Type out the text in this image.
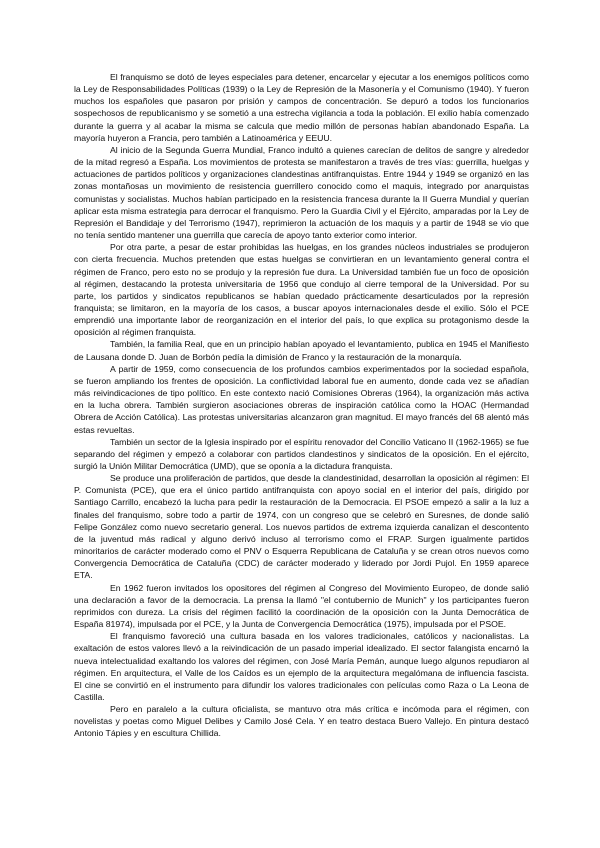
El franquismo se dotó de leyes especiales para detener, encarcelar y ejecutar a los enemigos políticos como la Ley de Responsabilidades Políticas (1939) o la Ley de Represión de la Masonería y el Comunismo (1940). Y fueron muchos los españoles que pasaron por prisión y campos de concentración. Se depuró a todos los funcionarios sospechosos de republicanismo y se sometió a una estrecha vigilancia a toda la población. El exilio había comenzado durante la guerra y al acabar la misma se calcula que medio millón de personas habían abandonado España. La mayoría huyeron a Francia, pero también a Latinoamérica y EEUU.

Al inicio de la Segunda Guerra Mundial, Franco indultó a quienes carecían de delitos de sangre y alrededor de la mitad regresó a España. Los movimientos de protesta se manifestaron a través de tres vías: guerrilla, huelgas y actuaciones de partidos políticos y organizaciones clandestinas antifranquistas. Entre 1944 y 1949 se organizó en las zonas montañosas un movimiento de resistencia guerrillero conocido como el maquis, integrado por anarquistas comunistas y socialistas. Muchos habían participado en la resistencia francesa durante la II Guerra Mundial y querían aplicar esta misma estrategia para derrocar el franquismo. Pero la Guardia Civil y el Ejército, amparadas por la Ley de Represión el Bandidaje y del Terrorismo (1947), reprimieron la actuación de los maquis y a partir de 1948 se vio que no tenía sentido mantener una guerrilla que carecía de apoyo tanto exterior como interior.

Por otra parte, a pesar de estar prohibidas las huelgas, en los grandes núcleos industriales se produjeron con cierta frecuencia. Muchos pretenden que estas huelgas se convirtieran en un levantamiento general contra el régimen de Franco, pero esto no se produjo y la represión fue dura. La Universidad también fue un foco de oposición al régimen, destacando la protesta universitaria de 1956 que condujo al cierre temporal de la Universidad. Por su parte, los partidos y sindicatos republicanos se habían quedado prácticamente desarticulados por la represión franquista; se limitaron, en la mayoría de los casos, a buscar apoyos internacionales desde el exilio. Sólo el PCE emprendió una importante labor de reorganización en el interior del país, lo que explica su protagonismo desde la oposición al régimen franquista.

También, la familia Real, que en un principio habían apoyado el levantamiento, publica en 1945 el Manifiesto de Lausana donde D. Juan de Borbón pedía la dimisión de Franco y la restauración de la monarquía.

A partir de 1959, como consecuencia de los profundos cambios experimentados por la sociedad española, se fueron ampliando los frentes de oposición. La conflictividad laboral fue en aumento, donde cada vez se añadían más reivindicaciones de tipo político. En este contexto nació Comisiones Obreras (1964), la organización más activa en la lucha obrera. También surgieron asociaciones obreras de inspiración católica como la HOAC (Hermandad Obrera de Acción Católica). Las protestas universitarias alcanzaron gran magnitud. El mayo francés del 68 alentó más estas revueltas.

También un sector de la Iglesia inspirado por el espíritu renovador del Concilio Vaticano II (1962-1965) se fue separando del régimen y empezó a colaborar con partidos clandestinos y sindicatos de la oposición. En el ejército, surgió la Unión Militar Democrática (UMD), que se oponía a la dictadura franquista.

Se produce una proliferación de partidos, que desde la clandestinidad, desarrollan la oposición al régimen: El P. Comunista (PCE), que era el único partido antifranquista con apoyo social en el interior del país, dirigido por Santiago Carrillo, encabezó la lucha para pedir la restauración de la Democracia. El PSOE empezó a salir a la luz a finales del franquismo, sobre todo a partir de 1974, con un congreso que se celebró en Suresnes, de donde salió Felipe González como nuevo secretario general. Los nuevos partidos de extrema izquierda canalizan el descontento de la juventud más radical y alguno derivó incluso al terrorismo como el FRAP. Surgen igualmente partidos minoritarios de carácter moderado como el PNV o Esquerra Republicana de Cataluña y se crean otros nuevos como Convergencia Democrática de Cataluña (CDC) de carácter moderado y liderado por Jordi Pujol. En 1959 aparece ETA.

En 1962 fueron invitados los opositores del régimen al Congreso del Movimiento Europeo, de donde salió una declaración a favor de la democracia. La prensa la llamó "el contubernio de Munich" y los participantes fueron reprimidos con dureza. La crisis del régimen facilitó la coordinación de la oposición con la Junta Democrática de España 81974), impulsada por el PCE, y la Junta de Convergencia Democrática (1975), impulsada por el PSOE.

El franquismo favoreció una cultura basada en los valores tradicionales, católicos y nacionalistas. La exaltación de estos valores llevó a la reivindicación de un pasado imperial idealizado. El sector falangista encarnó la nueva intelectualidad exaltando los valores del régimen, con José María Pemán, aunque luego algunos repudiaron al régimen. En arquitectura, el Valle de los Caídos es un ejemplo de la arquitectura megalómana de influencia fascista. El cine se convirtió en el instrumento para difundir los valores tradicionales con películas como Raza o La Leona de Castilla.

Pero en paralelo a la cultura oficialista, se mantuvo otra más crítica e incómoda para el régimen, con novelistas y poetas como Miguel Delibes y Camilo José Cela. Y en teatro destaca Buero Vallejo. En pintura destacó Antonio Tápies y en escultura Chillida.
